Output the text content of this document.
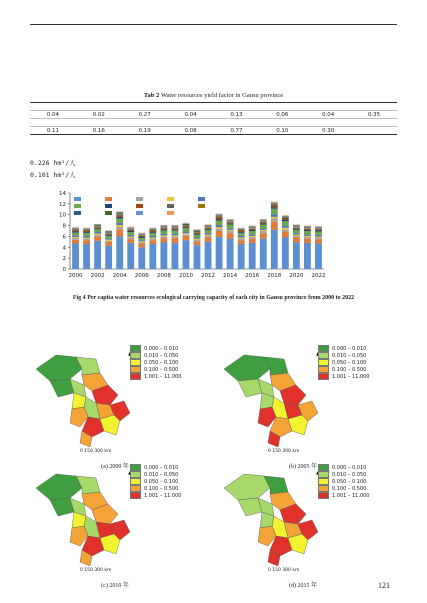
Tab 2 Water resources yield factor in Gansu province

0.04	0.02	0.27	0.04	0.13	0.06	0.04	0.35

0.11	0.16	0.19	0.08	0.77	0.10	0.30	
0.226 hm²/人
0.101 hm²/人
0
2
4
6
8
10
12
14
2000 2002 2004 2006 2008 2010 2012 2014 2016 2018 2020 2022
Fig 4 Per capita water resources ecological carrying capacity of each city in Gansu province from 2000 to 2022
0.000 – 0.010
0.010 – 0.050
0.050 – 0.100
0.100 – 0.500
1.001 – 11.000
0 150 300 km
(a) 2000 年
0.000 – 0.010
0.010 – 0.050
0.050 – 0.100
0.100 – 0.500
1.001 – 11.000
0 150 300 km
(b) 2005 年
0.000 – 0.010
0.010 – 0.050
0.050 – 0.100
0.100 – 0.500
1.001 – 11.000
0 150 300 km
(c) 2010 年
0.000 – 0.010
0.010 – 0.050
0.050 – 0.100
0.100 – 0.500
1.001 – 11.000
0 150 300 km
(d) 2015 年	121
